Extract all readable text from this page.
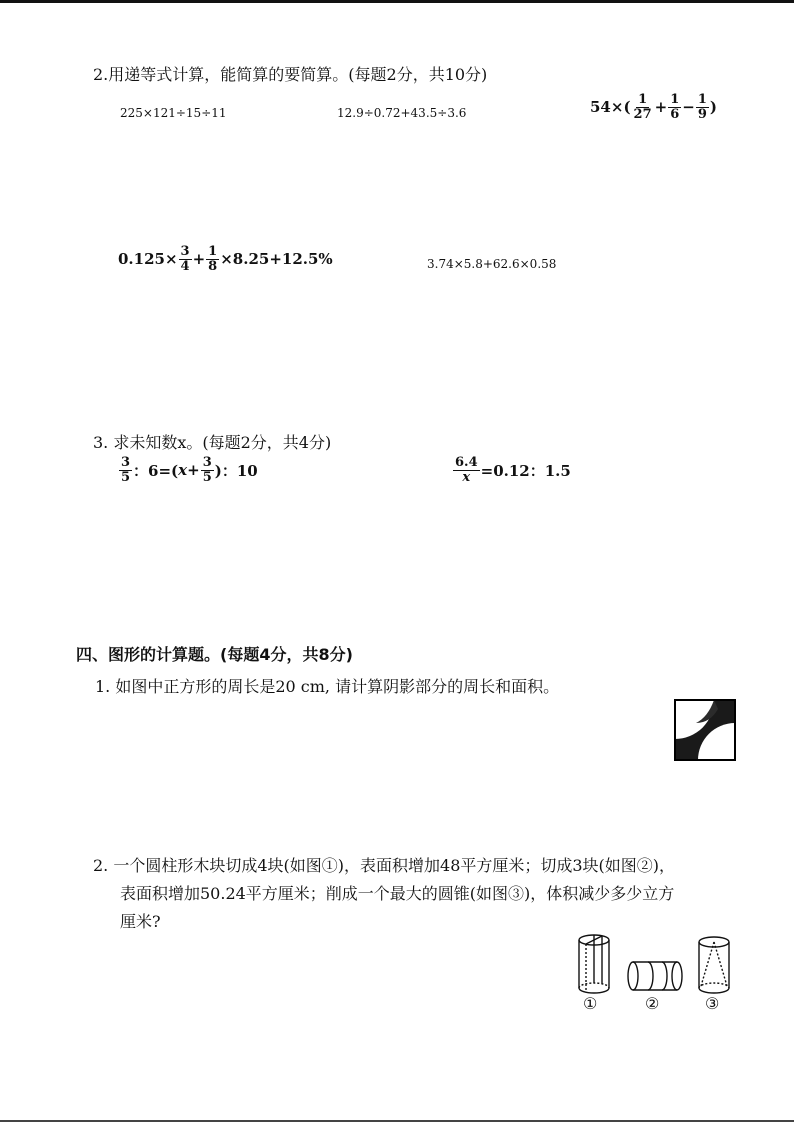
2.用递等式计算，能简算的要简算。(每题2分，共10分)
225×121÷15÷11	12.9÷0.72+43.5÷3.6	$54\times( \frac{1}{27} + \frac{1}{6} - \frac{1}{9}$ )
$0.125\times \frac{3}{4} + \frac{1}{8} \times 8.25+12.5\%$	3.74×5.8+62.6×0.58
3. 求未知数x。(每题2分，共4分)
$\frac{3}{5}$ ：6=( $x + \frac{3}{5}$ )：10	$\frac{6.4}{x} =0.12$：1.5
四、图形的计算题。(每题4分，共8分)
1. 如图中正方形的周长是20 cm, 请计算阴影部分的周长和面积。
2. 一个圆柱形木块切成4块(如图①)，表面积增加48平方厘米；切成3块(如图②)，
表面积增加50.24平方厘米；削成一个最大的圆锥(如图③)，体积减少多少立方
厘米?
①	②	③
